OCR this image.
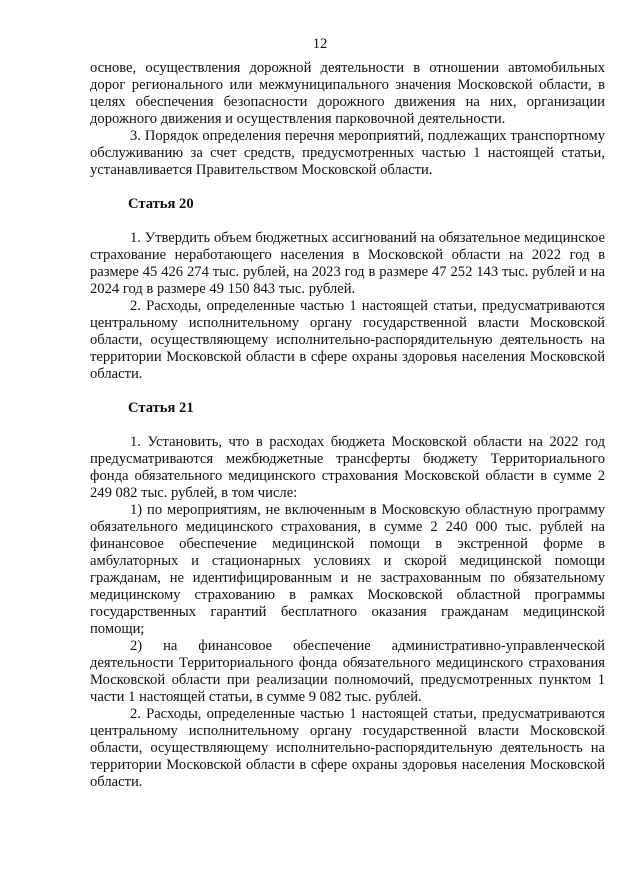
12

основе, осуществления дорожной деятельности в отношении автомобильных дорог регионального или межмуниципального значения Московской области, в целях обеспечения безопасности дорожного движения на них, организации дорожного движения и осуществления парковочной деятельности.

3. Порядок определения перечня мероприятий, подлежащих транспортному обслуживанию за счет средств, предусмотренных частью 1 настоящей статьи, устанавливается Правительством Московской области.

Статья 20

1. Утвердить объем бюджетных ассигнований на обязательное медицинское страхование неработающего населения в Московской области на 2022 год в размере 45 426 274 тыс. рублей, на 2023 год в размере 47 252 143 тыс. рублей и на 2024 год в размере 49 150 843 тыс. рублей.

2. Расходы, определенные частью 1 настоящей статьи, предусматриваются центральному исполнительному органу государственной власти Московской области, осуществляющему исполнительно-распорядительную деятельность на территории Московской области в сфере охраны здоровья населения Московской области.

Статья 21

1. Установить, что в расходах бюджета Московской области на 2022 год предусматриваются межбюджетные трансферты бюджету Территориального фонда обязательного медицинского страхования Московской области в сумме 2 249 082 тыс. рублей, в том числе:

1) по мероприятиям, не включенным в Московскую областную программу обязательного медицинского страхования, в сумме 2 240 000 тыс. рублей на финансовое обеспечение медицинской помощи в экстренной форме в амбулаторных и стационарных условиях и скорой медицинской помощи гражданам, не идентифицированным и не застрахованным по обязательному медицинскому страхованию в рамках Московской областной программы государственных гарантий бесплатного оказания гражданам медицинской помощи;

2) на финансовое обеспечение административно-управленческой деятельности Территориального фонда обязательного медицинского страхования Московской области при реализации полномочий, предусмотренных пунктом 1 части 1 настоящей статьи, в сумме 9 082 тыс. рублей.

2. Расходы, определенные частью 1 настоящей статьи, предусматриваются центральному исполнительному органу государственной власти Московской области, осуществляющему исполнительно-распорядительную деятельность на территории Московской области в сфере охраны здоровья населения Московской области.
